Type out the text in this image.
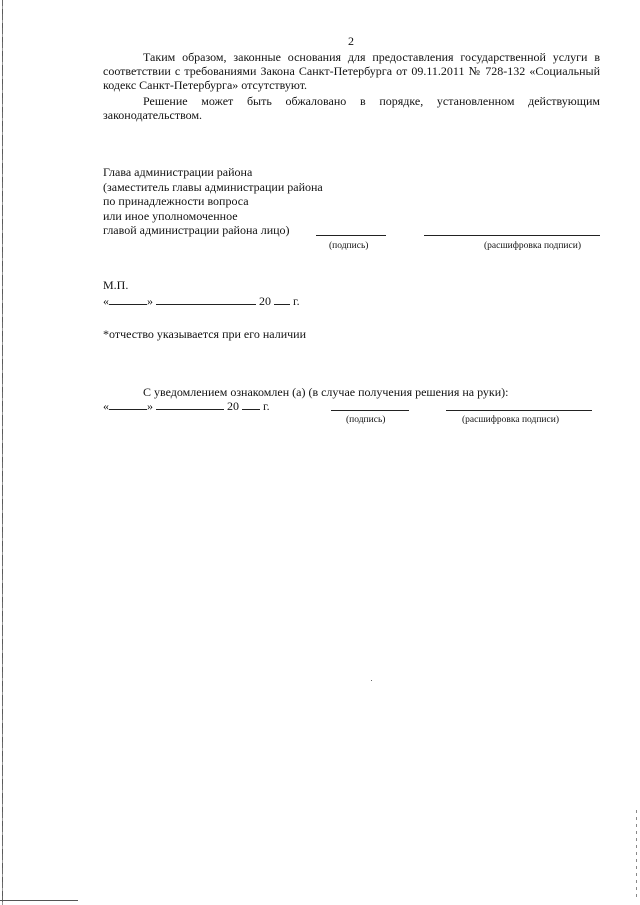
2
Таким образом, законные основания для предоставления государственной услуги в соответствии с требованиями Закона Санкт-Петербурга от 09.11.2011 № 728-132 «Социальный кодекс Санкт-Петербурга» отсутствуют.
Решение может быть обжаловано в порядке, установленном действующим законодательством.
Глава администрации района
(заместитель главы администрации района
по принадлежности вопроса
или иное уполномоченное
главой администрации района лицо)
(подпись)	(расшифровка подписи)
М.П.
«	»	20 г.
*отчество указывается при его наличии
С уведомлением ознакомлен (а) (в случае получения решения на руки):
«	»	20 г.
(подпись)	(расшифровка подписи)
